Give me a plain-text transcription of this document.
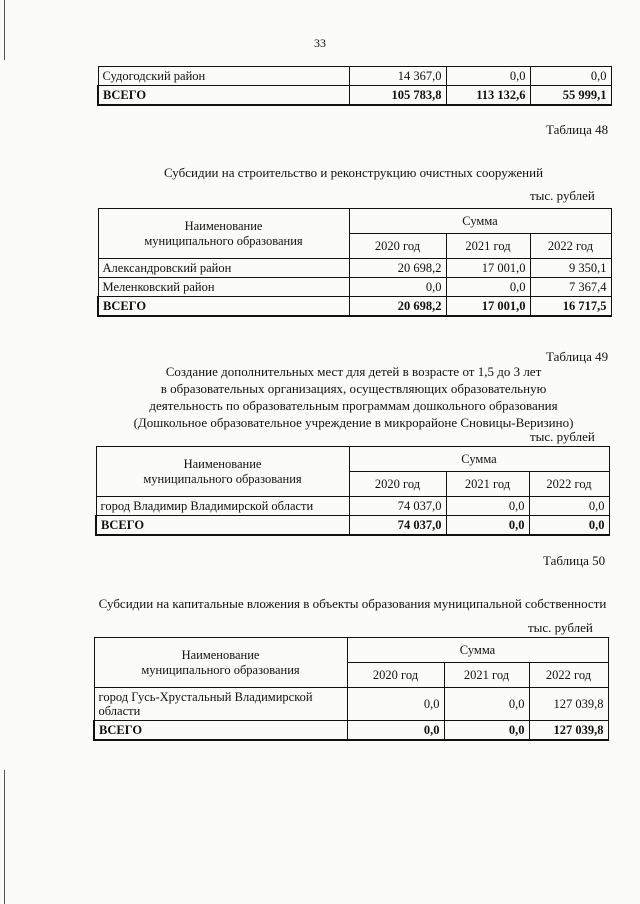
33
Судогодский район	14 367,0	0,0	0,0
ВСЕГО	105 783,8	113 132,6	55 999,1
Таблица 48
Субсидии на строительство и реконструкцию очистных сооружений
тыс. рублей
Наименование
муниципального образования	Сумма		
	2020 год	2021 год	2022 год
Александровский район	20 698,2	17 001,0	9 350,1
Меленковский район	0,0	0,0	7 367,4
ВСЕГО	20 698,2	17 001,0	16 717,5
Таблица 49
Создание дополнительных мест для детей в возрасте от 1,5 до 3 лет
в образовательных организациях, осуществляющих образовательную
деятельность по образовательным программам дошкольного образования
(Дошкольное образовательное учреждение в микрорайоне Сновицы-Веризино)
тыс. рублей
Наименование
муниципального образования	Сумма		
	2020 год	2021 год	2022 год
город Владимир Владимирской области	74 037,0	0,0	0,0
ВСЕГО	74 037,0	0,0	0,0
Таблица 50
Субсидии на капитальные вложения в объекты образования муниципальной собственности
тыс. рублей
Наименование
муниципального образования	Сумма		
	2020 год	2021 год	2022 год
город Гусь-Хрустальный Владимирской области	0,0	0,0	127 039,8
ВСЕГО	0,0	0,0	127 039,8
